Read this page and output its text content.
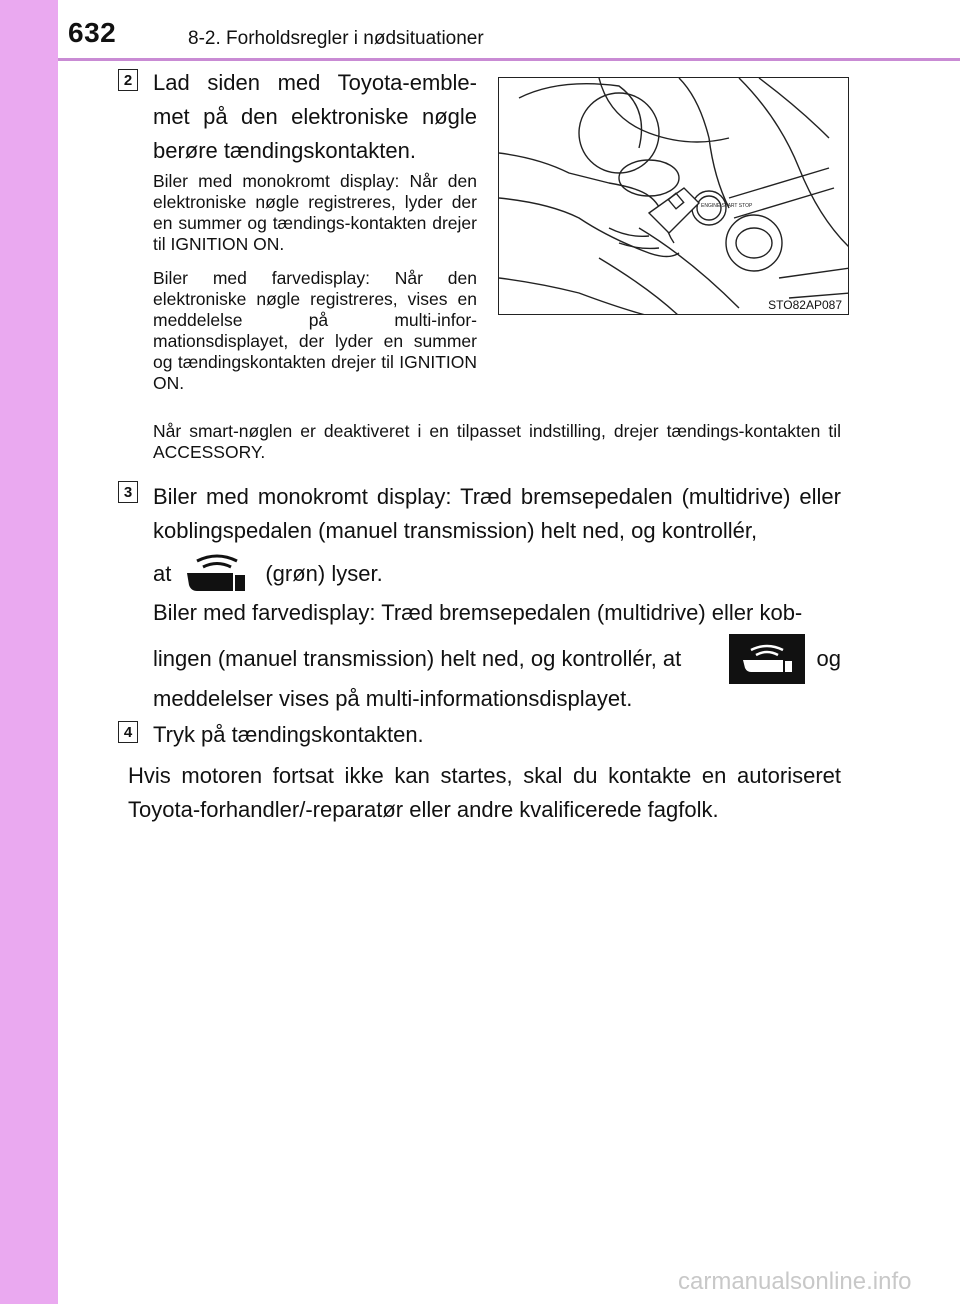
632	8-2. Forholdsregler i nødsituationer
2 Lad siden med Toyota-emble-met på den elektroniske nøgle berøre tændingskontakten.
Biler med monokromt display: Når den elektroniske nøgle registreres, lyder der en summer og tændings-kontakten drejer til IGNITION ON.
Biler med farvedisplay: Når den elektroniske nøgle registreres, vises en meddelelse på multi-infor-mationsdisplayet, der lyder en summer og tændingskontakten drejer til IGNITION ON.
Når smart-nøglen er deaktiveret i en tilpasset indstilling, drejer tændings-kontakten til ACCESSORY.
ENGINE START STOP
STO82AP087
3 Biler med monokromt display: Træd bremsepedalen (multidrive) eller koblingspedalen (manuel transmission) helt ned, og kontrollér,
at	(grøn) lyser.
Biler med farvedisplay: Træd bremsepedalen (multidrive) eller kob-
lingen (manuel transmission) helt ned, og kontrollér, at	og
meddelelser vises på multi-informationsdisplayet.
4 Tryk på tændingskontakten.
Hvis motoren fortsat ikke kan startes, skal du kontakte en autoriseret Toyota-forhandler/-reparatør eller andre kvalificerede fagfolk.
carmanualsonline.info
